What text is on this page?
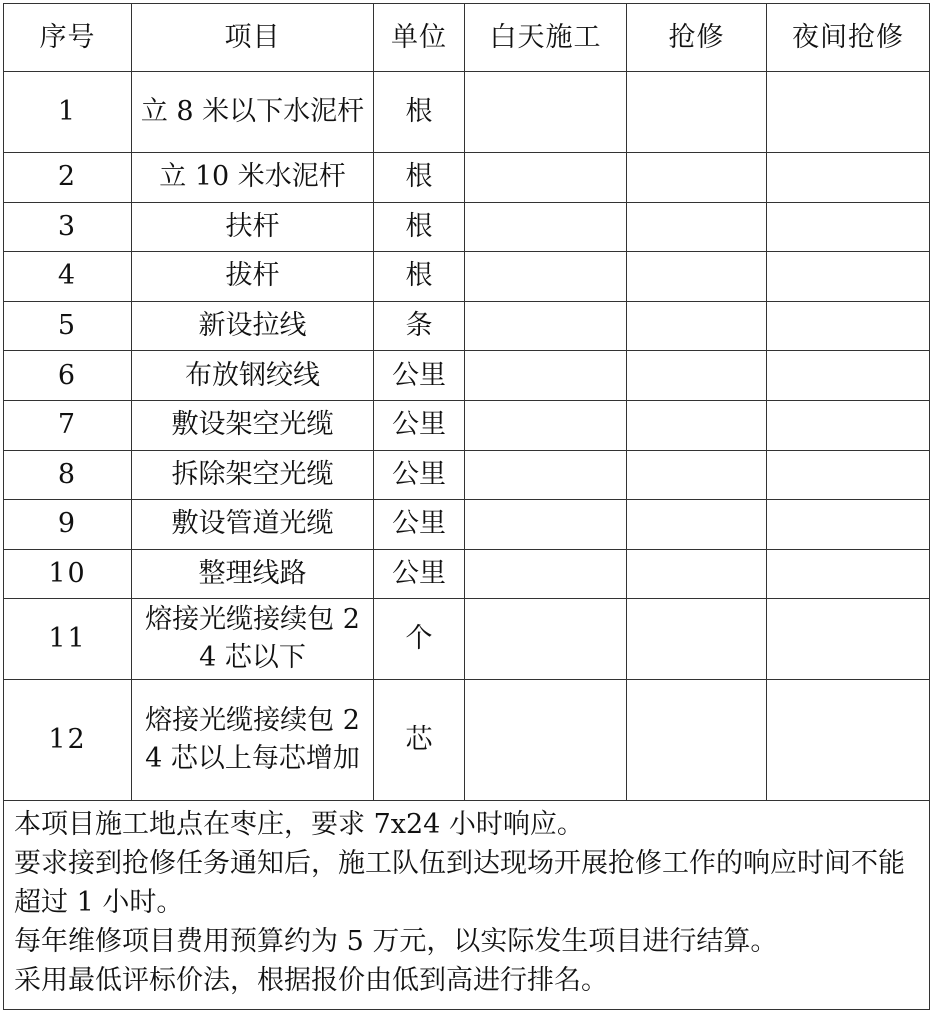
序号	项目	单位	白天施工	抢修	夜间抢修
1	立 8 米以下水泥杆	根			
2	立 10 米水泥杆	根			
3	扶杆	根			
4	拔杆	根			
5	新设拉线	条			
6	布放钢绞线	公里			
7	敷设架空光缆	公里			
8	拆除架空光缆	公里			
9	敷设管道光缆	公里			
10	整理线路	公里			
11	熔接光缆接续包 24 芯以下	个			
12	熔接光缆接续包 24 芯以上每芯增加	芯			

本项目施工地点在枣庄，要求 7x24 小时响应。

要求接到抢修任务通知后，施工队伍到达现场开展抢修工作的响应时间不能超过 1 小时。

每年维修项目费用预算约为 5 万元，以实际发生项目进行结算。

采用最低评标价法，根据报价由低到高进行排名。					
